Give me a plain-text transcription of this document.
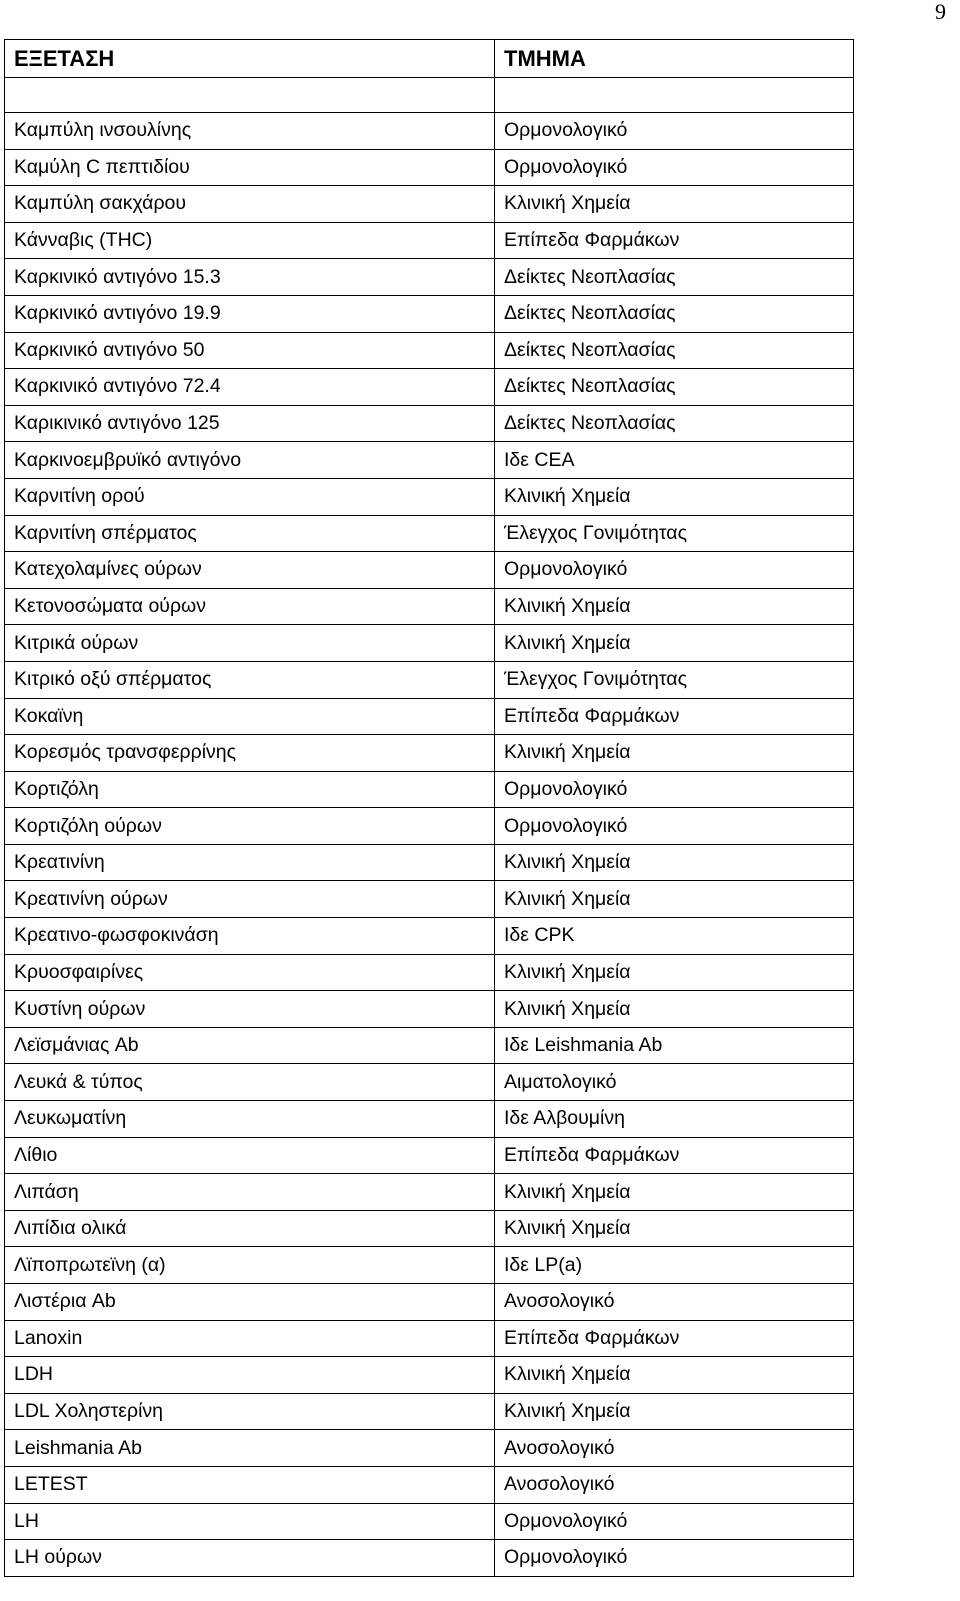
9
ΕΞΕΤΑΣΗ	ΤΜΗΜΑ

Καμπύλη ινσουλίνης	Ορμονολογικό
Καμύλη C πεπτιδίου	Ορμονολογικό
Καμπύλη σακχάρου	Κλινική Χημεία
Κάνναβις (THC)	Επίπεδα Φαρμάκων
Καρκινικό αντιγόνο 15.3	Δείκτες Νεοπλασίας
Καρκινικό αντιγόνο 19.9	Δείκτες Νεοπλασίας
Καρκινικό αντιγόνο 50	Δείκτες Νεοπλασίας
Καρκινικό αντιγόνο 72.4	Δείκτες Νεοπλασίας
Καρικινικό αντιγόνο 125	Δείκτες Νεοπλασίας
Καρκινοεμβρυϊκό αντιγόνο	Ιδε CEA
Καρνιτίνη ορού	Κλινική Χημεία
Καρνιτίνη σπέρματος	Έλεγχος Γονιμότητας
Κατεχολαμίνες ούρων	Ορμονολογικό
Κετονοσώματα ούρων	Κλινική Χημεία
Κιτρικά ούρων	Κλινική Χημεία
Κιτρικό οξύ σπέρματος	Έλεγχος Γονιμότητας
Κοκαϊνη	Επίπεδα Φαρμάκων
Κορεσμός τρανσφερρίνης	Κλινική Χημεία
Κορτιζόλη	Ορμονολογικό
Κορτιζόλη ούρων	Ορμονολογικό
Κρεατινίνη	Κλινική Χημεία
Κρεατινίνη ούρων	Κλινική Χημεία
Κρεατινο-φωσφοκινάση	Ιδε CPK
Κρυοσφαιρίνες	Κλινική Χημεία
Κυστίνη ούρων	Κλινική Χημεία
Λεϊσμάνιας Ab	Ιδε Leishmania Ab
Λευκά & τύπος	Αιματολογικό
Λευκωματίνη	Ιδε Αλβουμίνη
Λίθιο	Επίπεδα Φαρμάκων
Λιπάση	Κλινική Χημεία
Λιπίδια ολικά	Κλινική Χημεία
Λϊποπρωτεϊνη (α)	Ιδε LP(a)
Λιστέρια Ab	Ανοσολογικό
Lanoxin	Επίπεδα Φαρμάκων
LDH	Κλινική Χημεία
LDL Χοληστερίνη	Κλινική Χημεία
Leishmania Ab	Ανοσολογικό
LETEST	Ανοσολογικό
LH	Ορμονολογικό
LH ούρων	Ορμονολογικό
